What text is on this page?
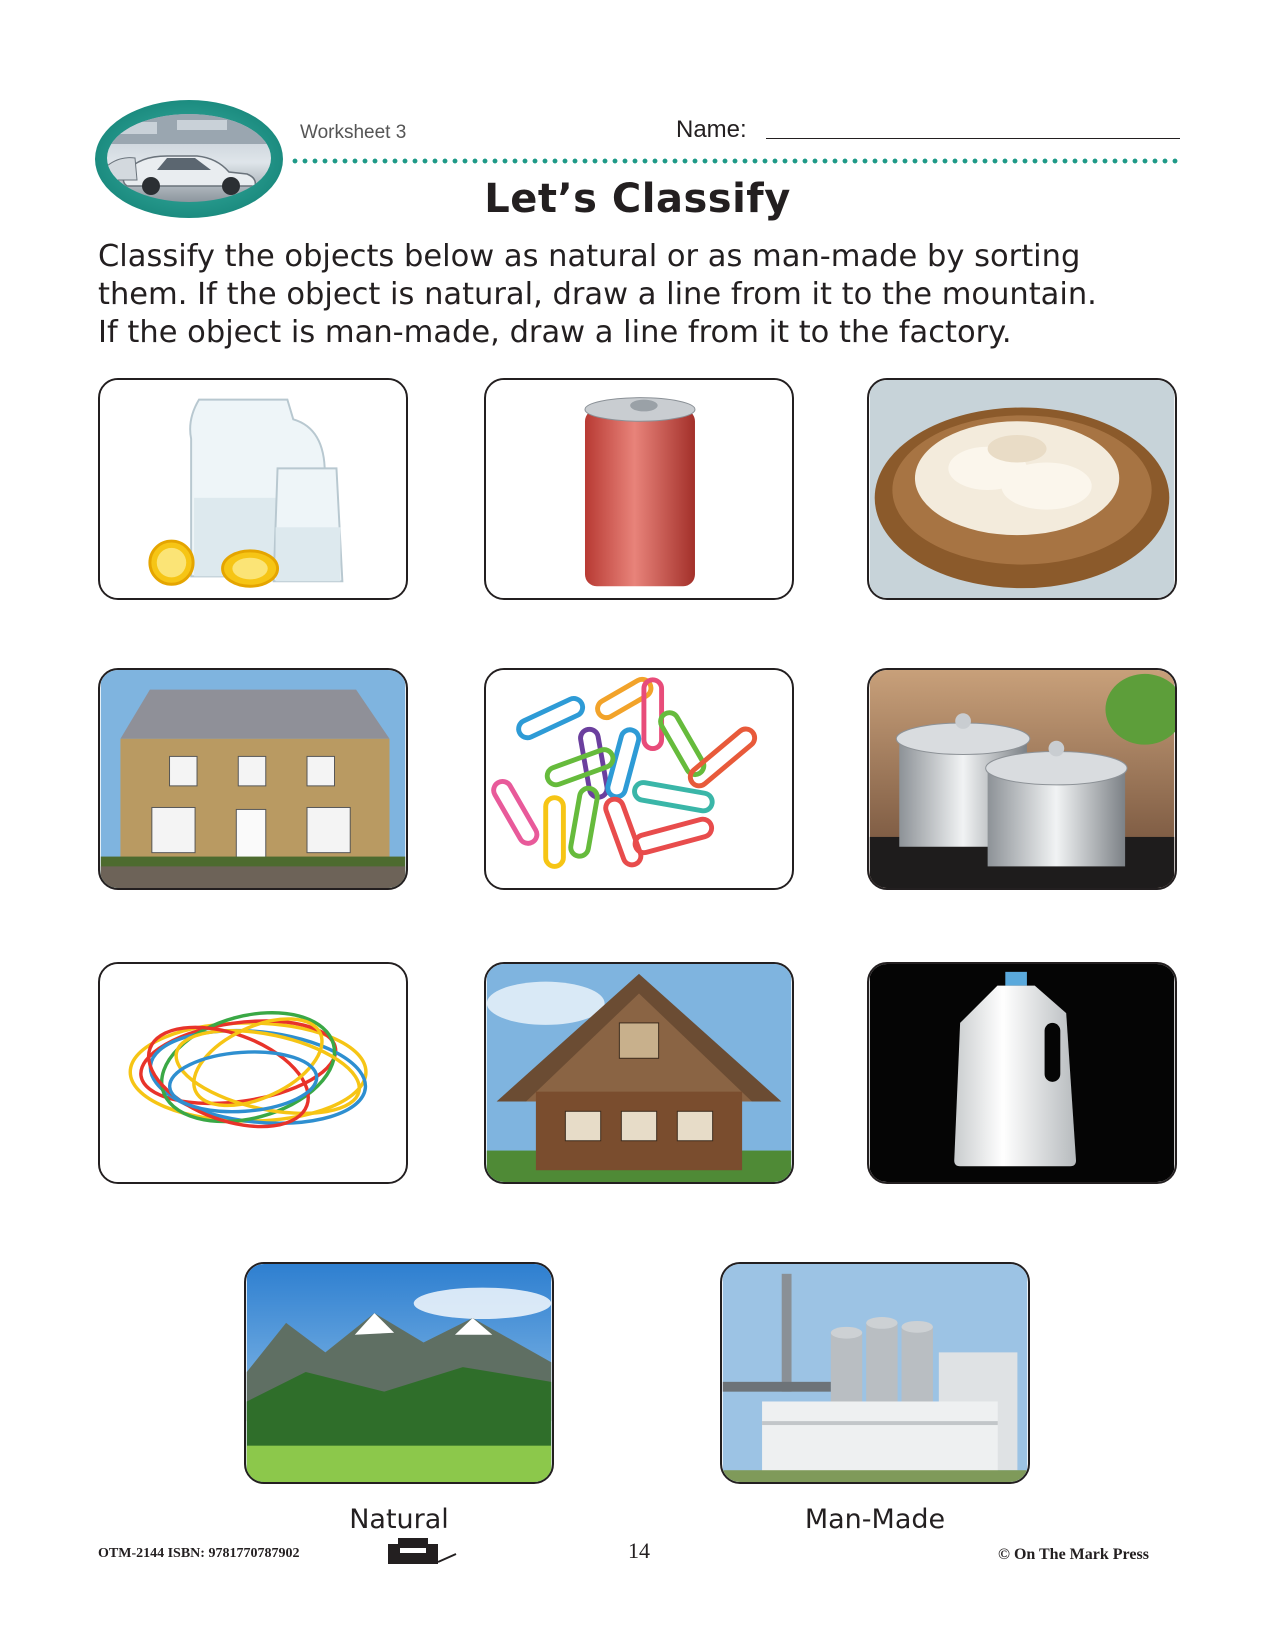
Worksheet 3	Name:
Let’s Classify
Classify the objects below as natural or as man-made by sorting
them. If the object is natural, draw a line from it to the mountain.
If the object is man-made, draw a line from it to the factory.
Natural	Man-Made
OTM-2144 ISBN: 9781770787902	14	© On The Mark Press
